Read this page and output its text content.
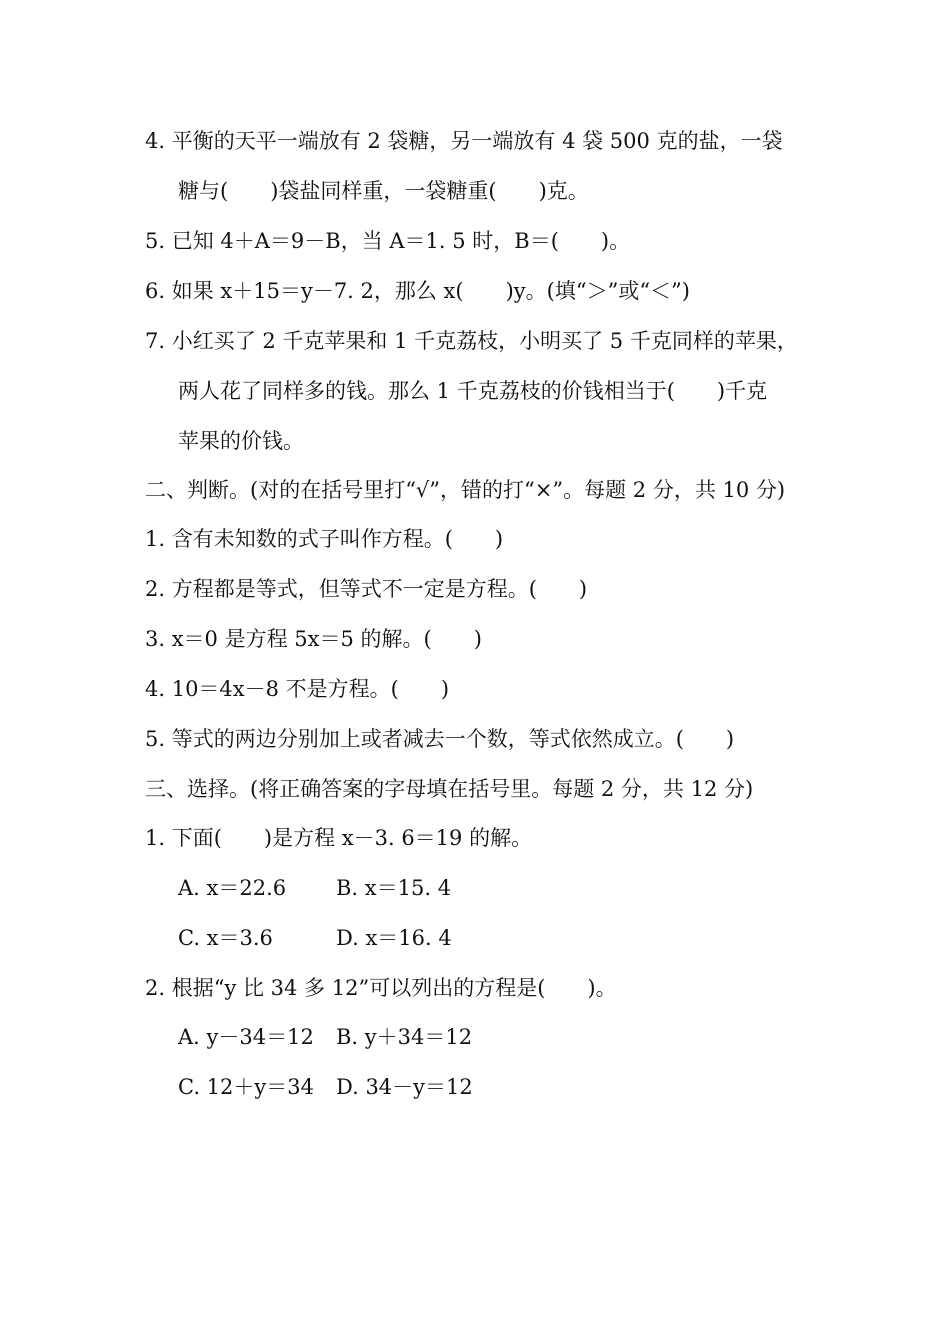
4. 平衡的天平一端放有 2 袋糖，另一端放有 4 袋 500 克的盐，一袋
糖与(　　)袋盐同样重，一袋糖重(　　)克。
5. 已知 4＋A＝9－B，当 A＝1. 5 时，B＝(　　)。
6. 如果 x＋15＝y－7. 2，那么 x(　　)y。(填“＞”或“＜”)
7. 小红买了 2 千克苹果和 1 千克荔枝，小明买了 5 千克同样的苹果，
两人花了同样多的钱。那么 1 千克荔枝的价钱相当于(　　)千克
苹果的价钱。
二、判断。(对的在括号里打“√”，错的打“×”。每题 2 分，共 10 分)
1. 含有未知数的式子叫作方程。(　　)
2. 方程都是等式，但等式不一定是方程。(　　)
3. x＝0 是方程 5x＝5 的解。(　　)
4. 10＝4x－8 不是方程。(　　)
5. 等式的两边分别加上或者减去一个数，等式依然成立。(　　)
三、选择。(将正确答案的字母填在括号里。每题 2 分，共 12 分)
1. 下面(　　)是方程 x－3. 6＝19 的解。
A. x＝22.6 B. x＝15. 4
C. x＝3.6	D. x＝16. 4
2. 根据“y 比 34 多 12”可以列出的方程是(　　)。
A. y－34＝12 B. y＋34＝12
C. 12＋y＝34 D. 34－y＝12
